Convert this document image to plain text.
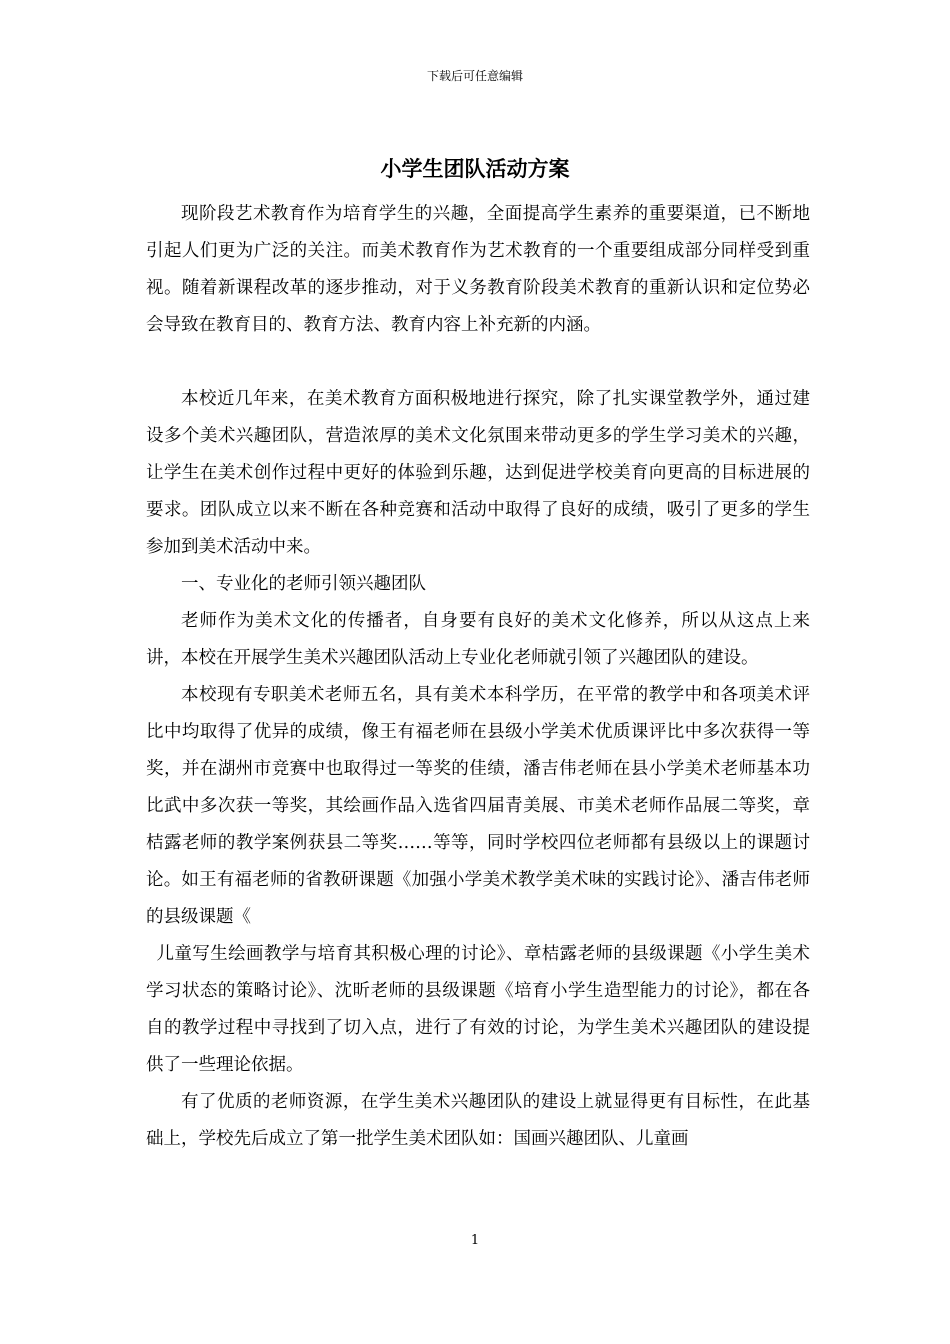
下载后可任意编辑
小学生团队活动方案

现阶段艺术教育作为培育学生的兴趣，全面提高学生素养的重要渠道，已不断地引起人们更为广泛的关注。而美术教育作为艺术教育的一个重要组成部分同样受到重视。随着新课程改革的逐步推动，对于义务教育阶段美术教育的重新认识和定位势必会导致在教育目的、教育方法、教育内容上补充新的内涵。

本校近几年来，在美术教育方面积极地进行探究，除了扎实课堂教学外，通过建设多个美术兴趣团队，营造浓厚的美术文化氛围来带动更多的学生学习美术的兴趣，让学生在美术创作过程中更好的体验到乐趣，达到促进学校美育向更高的目标进展的要求。团队成立以来不断在各种竞赛和活动中取得了良好的成绩，吸引了更多的学生参加到美术活动中来。

一、专业化的老师引领兴趣团队

老师作为美术文化的传播者，自身要有良好的美术文化修养，所以从这点上来讲，本校在开展学生美术兴趣团队活动上专业化老师就引领了兴趣团队的建设。

本校现有专职美术老师五名，具有美术本科学历，在平常的教学中和各项美术评比中均取得了优异的成绩，像王有福老师在县级小学美术优质课评比中多次获得一等奖，并在湖州市竞赛中也取得过一等奖的佳绩，潘吉伟老师在县小学美术老师基本功比武中多次获一等奖，其绘画作品入选省四届青美展、市美术老师作品展二等奖，章桔露老师的教学案例获县二等奖……等等，同时学校四位老师都有县级以上的课题讨论。如王有福老师的省教研课题《加强小学美术教学美术味的实践讨论》、潘吉伟老师的县级课题《

儿童写生绘画教学与培育其积极心理的讨论》、章桔露老师的县级课题《小学生美术学习状态的策略讨论》、沈昕老师的县级课题《培育小学生造型能力的讨论》，都在各自的教学过程中寻找到了切入点，进行了有效的讨论，为学生美术兴趣团队的建设提供了一些理论依据。

有了优质的老师资源，在学生美术兴趣团队的建设上就显得更有目标性，在此基础上，学校先后成立了第一批学生美术团队如：国画兴趣团队、儿童画

1
